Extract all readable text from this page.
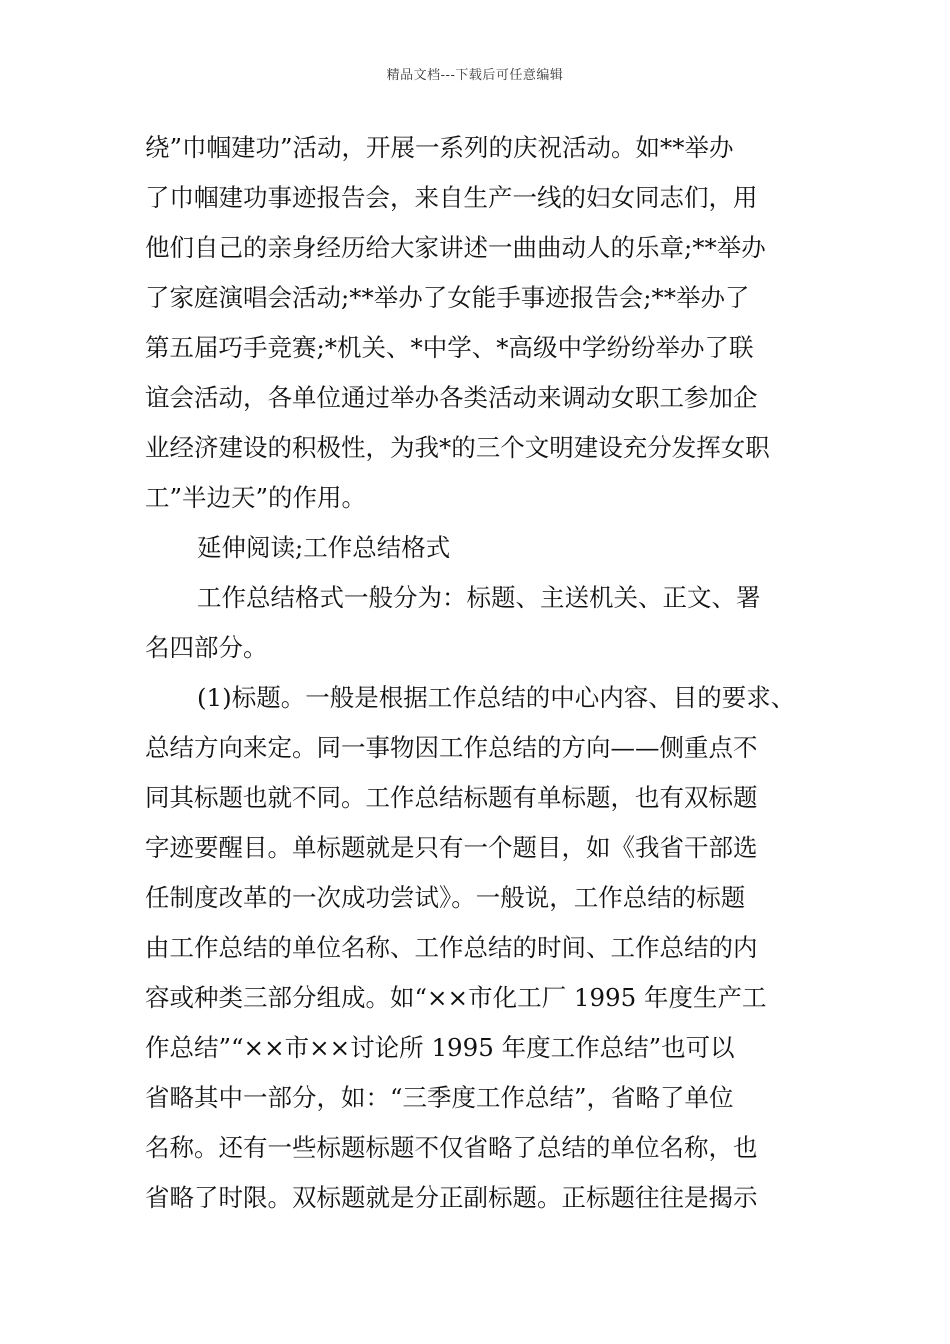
精品文档---下载后可任意编辑
绕”巾帼建功”活动，开展一系列的庆祝活动。如**举办
了巾帼建功事迹报告会，来自生产一线的妇女同志们，用
他们自己的亲身经历给大家讲述一曲曲动人的乐章;**举办
了家庭演唱会活动;**举办了女能手事迹报告会;**举办了
第五届巧手竞赛;*机关、*中学、*高级中学纷纷举办了联
谊会活动，各单位通过举办各类活动来调动女职工参加企
业经济建设的积极性，为我*的三个文明建设充分发挥女职
工”半边天”的作用。
延伸阅读;工作总结格式
工作总结格式一般分为：标题、主送机关、正文、署
名四部分。
(1)标题。一般是根据工作总结的中心内容、目的要求、
总结方向来定。同一事物因工作总结的方向——侧重点不
同其标题也就不同。工作总结标题有单标题，也有双标题
字迹要醒目。单标题就是只有一个题目，如《我省干部选
任制度改革的一次成功尝试》。一般说，工作总结的标题
由工作总结的单位名称、工作总结的时间、工作总结的内
容或种类三部分组成。如“××市化工厂 1995 年度生产工
作总结”“××市××讨论所 1995 年度工作总结”也可以
省略其中一部分，如：“三季度工作总结”，省略了单位
名称。还有一些标题标题不仅省略了总结的单位名称，也
省略了时限。双标题就是分正副标题。正标题往往是揭示
